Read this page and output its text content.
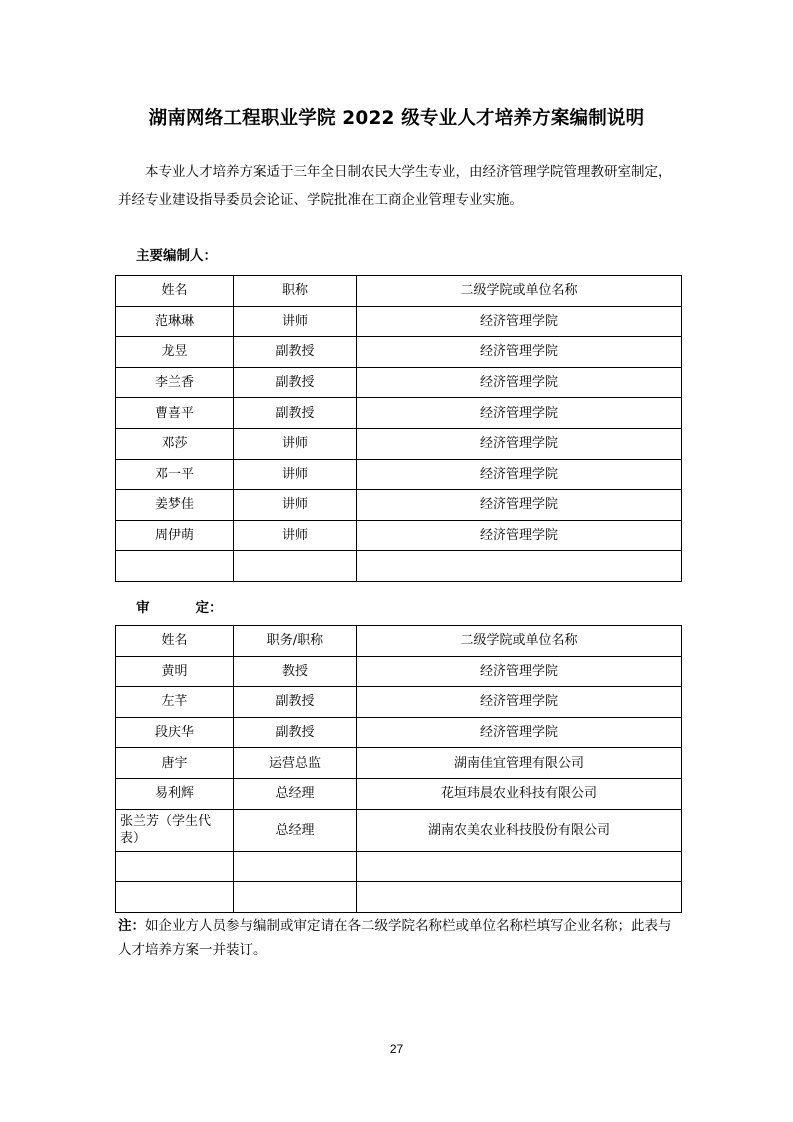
湖南网络工程职业学院 2022 级专业人才培养方案编制说明

本专业人才培养方案适于三年全日制农民大学生专业，由经济管理学院管理教研室制定，并经专业建设指导委员会论证、学院批准在工商企业管理专业实施。

主要编制人：
姓名	职称	二级学院或单位名称
范琳琳	讲师	经济管理学院
龙昱	副教授	经济管理学院
李兰香	副教授	经济管理学院
曹喜平	副教授	经济管理学院
邓莎	讲师	经济管理学院
邓一平	讲师	经济管理学院
姜梦佳	讲师	经济管理学院
周伊萌	讲师	经济管理学院

审	定：
姓名	职务/职称	二级学院或单位名称
黄明	教授	经济管理学院
左芊	副教授	经济管理学院
段庆华	副教授	经济管理学院
唐宇	运营总监	湖南佳宜管理有限公司
易利辉	总经理	花垣玮晨农业科技有限公司
张兰芳（学生代表）	总经理	湖南农美农业科技股份有限公司

注：如企业方人员参与编制或审定请在各二级学院名称栏或单位名称栏填写企业名称；此表与人才培养方案一并装订。
27
